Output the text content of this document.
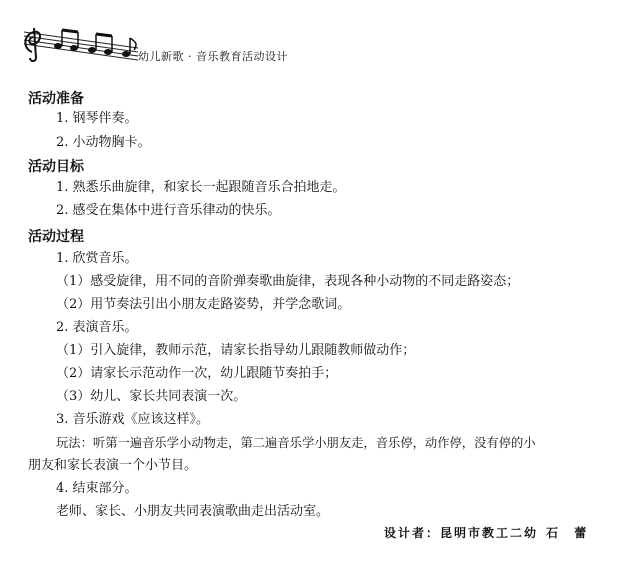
幼儿新歌 · 音乐教育活动设计
活动准备
1. 钢琴伴奏。
2. 小动物胸卡。
活动目标
1. 熟悉乐曲旋律，和家长一起跟随音乐合拍地走。
2. 感受在集体中进行音乐律动的快乐。
活动过程
1. 欣赏音乐。
（1）感受旋律，用不同的音阶弹奏歌曲旋律，表现各种小动物的不同走路姿态；
（2）用节奏法引出小朋友走路姿势，并学念歌词。
2. 表演音乐。
（1）引入旋律，教师示范，请家长指导幼儿跟随教师做动作；
（2）请家长示范动作一次，幼儿跟随节奏拍手；
（3）幼儿、家长共同表演一次。
3. 音乐游戏《应该这样》。
玩法：听第一遍音乐学小动物走，第二遍音乐学小朋友走，音乐停，动作停，没有停的小
朋友和家长表演一个小节目。
4. 结束部分。
老师、家长、小朋友共同表演歌曲走出活动室。
设计者：昆明市教工二幼 石 蕾
